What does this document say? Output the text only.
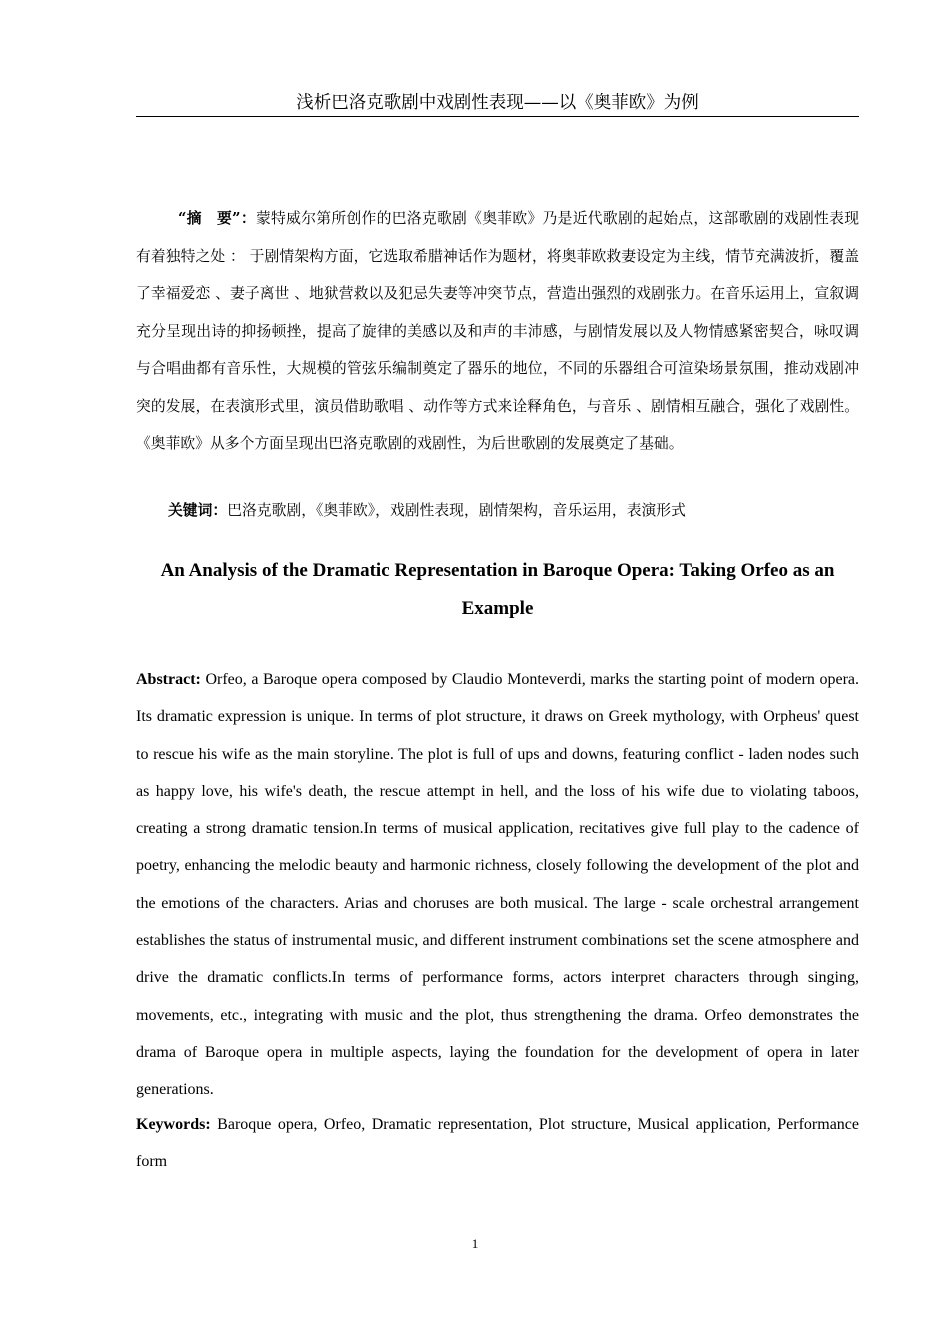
浅析巴洛克歌剧中戏剧性表现——以《奥菲欧》为例
“摘　要”：蒙特威尔第所创作的巴洛克歌剧《奥菲欧》乃是近代歌剧的起始点，这部歌剧的戏剧性表现有着独特之处 ： 于剧情架构方面，它选取希腊神话作为题材，将奥菲欧救妻设定为主线，情节充满波折，覆盖了幸福爱恋 、妻子离世 、地狱营救以及犯忌失妻等冲突节点，营造出强烈的戏剧张力。在音乐运用上，宣叙调充分呈现出诗的抑扬顿挫，提高了旋律的美感以及和声的丰沛感，与剧情发展以及人物情感紧密契合，咏叹调与合唱曲都有音乐性，大规模的管弦乐编制奠定了器乐的地位，不同的乐器组合可渲染场景氛围，推动戏剧冲突的发展，在表演形式里，演员借助歌唱 、动作等方式来诠释角色，与音乐 、剧情相互融合，强化了戏剧性。《奥菲欧》从多个方面呈现出巴洛克歌剧的戏剧性，为后世歌剧的发展奠定了基础。
关键词：巴洛克歌剧，《奥菲欧》，戏剧性表现，剧情架构，音乐运用，表演形式
An Analysis of the Dramatic Representation in Baroque Opera: Taking Orfeo as an Example
Abstract: Orfeo, a Baroque opera composed by Claudio Monteverdi, marks the starting point of modern opera. Its dramatic expression is unique. In terms of plot structure, it draws on Greek mythology, with Orpheus' quest to rescue his wife as the main storyline. The plot is full of ups and downs, featuring conflict - laden nodes such as happy love, his wife's death, the rescue attempt in hell, and the loss of his wife due to violating taboos, creating a strong dramatic tension.In terms of musical application, recitatives give full play to the cadence of poetry, enhancing the melodic beauty and harmonic richness, closely following the development of the plot and the emotions of the characters. Arias and choruses are both musical. The large - scale orchestral arrangement establishes the status of instrumental music, and different instrument combinations set the scene atmosphere and drive the dramatic conflicts.In terms of performance forms, actors interpret characters through singing, movements, etc., integrating with music and the plot, thus strengthening the drama. Orfeo demonstrates the drama of Baroque opera in multiple aspects, laying the foundation for the development of opera in later generations.
Keywords: Baroque opera, Orfeo, Dramatic representation, Plot structure, Musical application, Performance form
1
